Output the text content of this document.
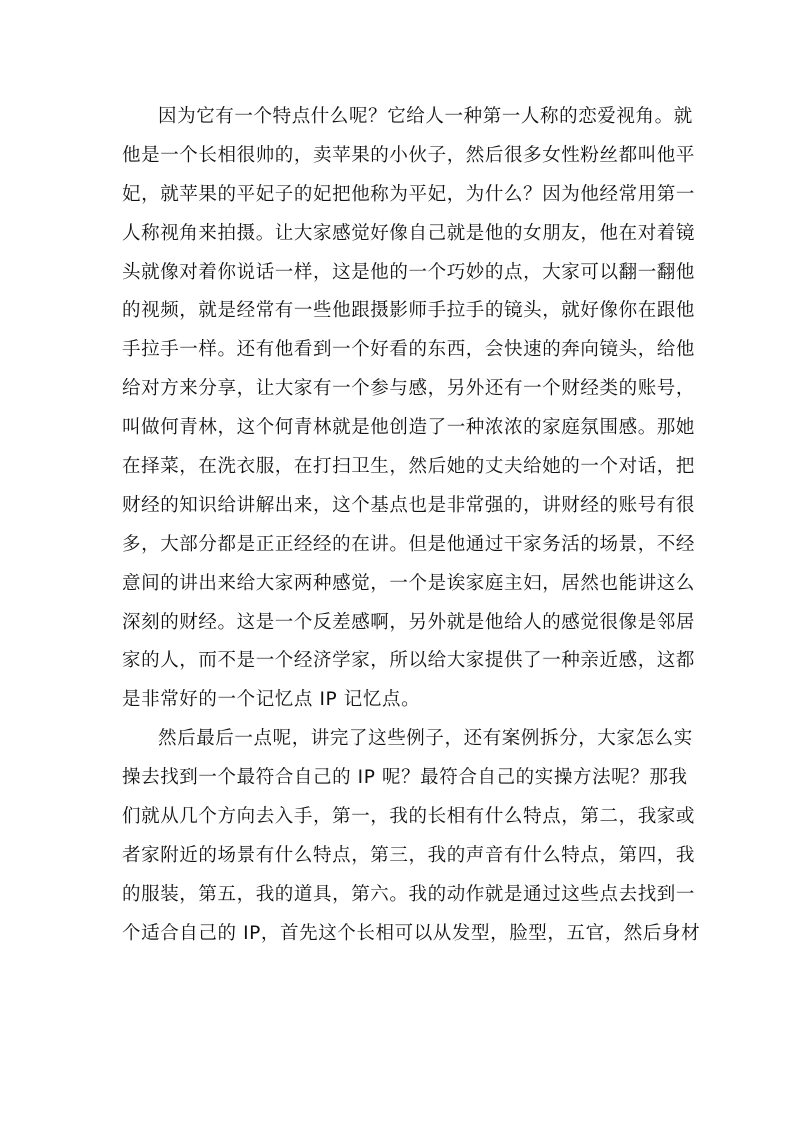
因为它有一个特点什么呢？它给人一种第一人称的恋爱视角。就
他是一个长相很帅的，卖苹果的小伙子，然后很多女性粉丝都叫他平
妃，就苹果的平妃子的妃把他称为平妃，为什么？因为他经常用第一
人称视角来拍摄。让大家感觉好像自己就是他的女朋友，他在对着镜
头就像对着你说话一样，这是他的一个巧妙的点，大家可以翻一翻他
的视频，就是经常有一些他跟摄影师手拉手的镜头，就好像你在跟他
手拉手一样。还有他看到一个好看的东西，会快速的奔向镜头，给他
给对方来分享，让大家有一个参与感，另外还有一个财经类的账号，
叫做何青林，这个何青林就是他创造了一种浓浓的家庭氛围感。那她
在择菜，在洗衣服，在打扫卫生，然后她的丈夫给她的一个对话，把
财经的知识给讲解出来，这个基点也是非常强的，讲财经的账号有很
多，大部分都是正正经经的在讲。但是他通过干家务活的场景，不经
意间的讲出来给大家两种感觉，一个是诶家庭主妇，居然也能讲这么
深刻的财经。这是一个反差感啊，另外就是他给人的感觉很像是邻居
家的人，而不是一个经济学家，所以给大家提供了一种亲近感，这都
是非常好的一个记忆点 IP 记忆点。
然后最后一点呢，讲完了这些例子，还有案例拆分，大家怎么实
操去找到一个最符合自己的 IP 呢？最符合自己的实操方法呢？那我
们就从几个方向去入手，第一，我的长相有什么特点，第二，我家或
者家附近的场景有什么特点，第三，我的声音有什么特点，第四，我
的服装，第五，我的道具，第六。我的动作就是通过这些点去找到一
个适合自己的 IP，首先这个长相可以从发型，脸型，五官，然后身材
